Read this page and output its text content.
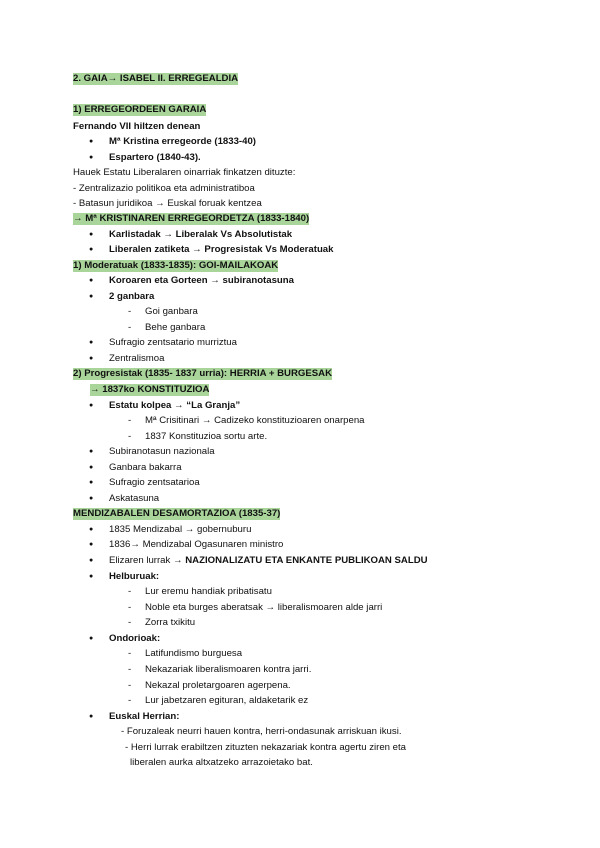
2. GAIA→ ISABEL II. ERREGEALDIA
1) ERREGEORDEEN GARAIA
Fernando VII hiltzen denean
● Mª Kristina erregeorde (1833-40)
● Espartero (1840-43).
Hauek Estatu Liberalaren oinarriak finkatzen dituzte:
- Zentralizazio politikoa eta administratiboa
- Batasun juridikoa → Euskal foruak kentzea
→ Mª KRISTINAREN ERREGEORDETZA (1833-1840)
● Karlistadak → Liberalak Vs Absolutistak
● Liberalen zatiketa → Progresistak Vs Moderatuak
1) Moderatuak (1833-1835): GOI-MAILAKOAK
● Koroaren eta Gorteen → subiranotasuna
● 2 ganbara
- Goi ganbara
- Behe ganbara
● Sufragio zentsatario murriztua
● Zentralismoa
2) Progresistak (1835- 1837 urria): HERRIA + BURGESAK
→ 1837ko KONSTITUZIOA
● Estatu kolpea → “La Granja”
- Mª Crisitinari → Cadizeko konstituzioaren onarpena
- 1837 Konstituzioa sortu arte.
● Subiranotasun nazionala
● Ganbara bakarra
● Sufragio zentsatarioa
● Askatasuna
MENDIZABALEN DESAMORTAZIOA (1835-37)
● 1835 Mendizabal → gobernuburu
● 1836→ Mendizabal Ogasunaren ministro
● Elizaren lurrak → NAZIONALIZATU ETA ENKANTE PUBLIKOAN SALDU
● Helburuak:
- Lur eremu handiak pribatisatu
- Noble eta burges aberatsak → liberalismoaren alde jarri
- Zorra txikitu
● Ondorioak:
- Latifundismo burguesa
- Nekazariak liberalismoaren kontra jarri.
- Nekazal proletargoaren agerpena.
- Lur jabetzaren egituran, aldaketarik ez
● Euskal Herrian:
- Foruzaleak neurri hauen kontra, herri-ondasunak arriskuan ikusi.
- Herri lurrak erabiltzen zituzten nekazariak kontra agertu ziren eta
liberalen aurka altxatzeko arrazoietako bat.
